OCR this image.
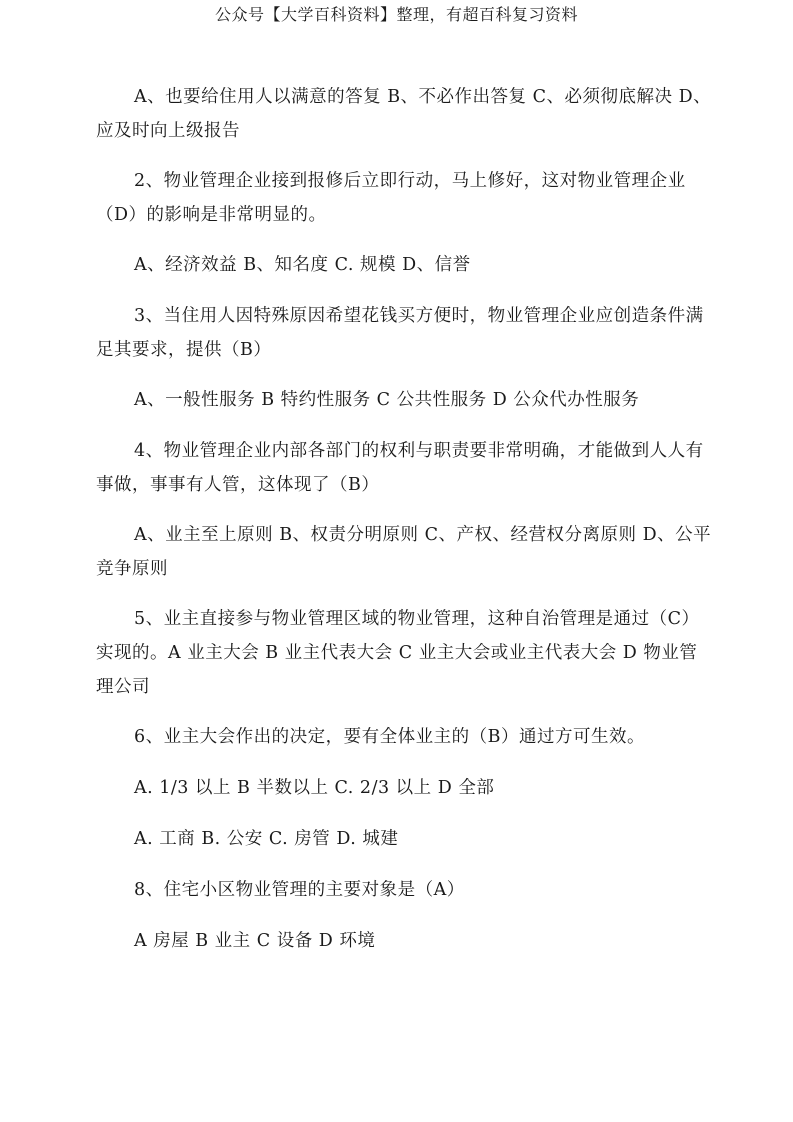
公众号【大学百科资料】整理，有超百科复习资料

A、也要给住用人以满意的答复 B、不必作出答复 C、必须彻底解决 D、应及时向上级报告

2、物业管理企业接到报修后立即行动，马上修好，这对物业管理企业（D）的影响是非常明显的。

A、经济效益 B、知名度 C. 规模 D、信誉

3、当住用人因特殊原因希望花钱买方便时，物业管理企业应创造条件满足其要求，提供（B）

A、一般性服务 B 特约性服务 C 公共性服务 D 公众代办性服务

4、物业管理企业内部各部门的权利与职责要非常明确，才能做到人人有事做，事事有人管，这体现了（B）

A、业主至上原则 B、权责分明原则 C、产权、经营权分离原则 D、公平竞争原则

5、业主直接参与物业管理区域的物业管理，这种自治管理是通过（C）实现的。A 业主大会 B 业主代表大会 C 业主大会或业主代表大会 D 物业管理公司

6、业主大会作出的决定，要有全体业主的（B）通过方可生效。

A. 1/3 以上 B 半数以上 C. 2/3 以上 D 全部

A. 工商 B. 公安 C. 房管 D. 城建

8、住宅小区物业管理的主要对象是（A）

A 房屋 B 业主 C 设备 D 环境
